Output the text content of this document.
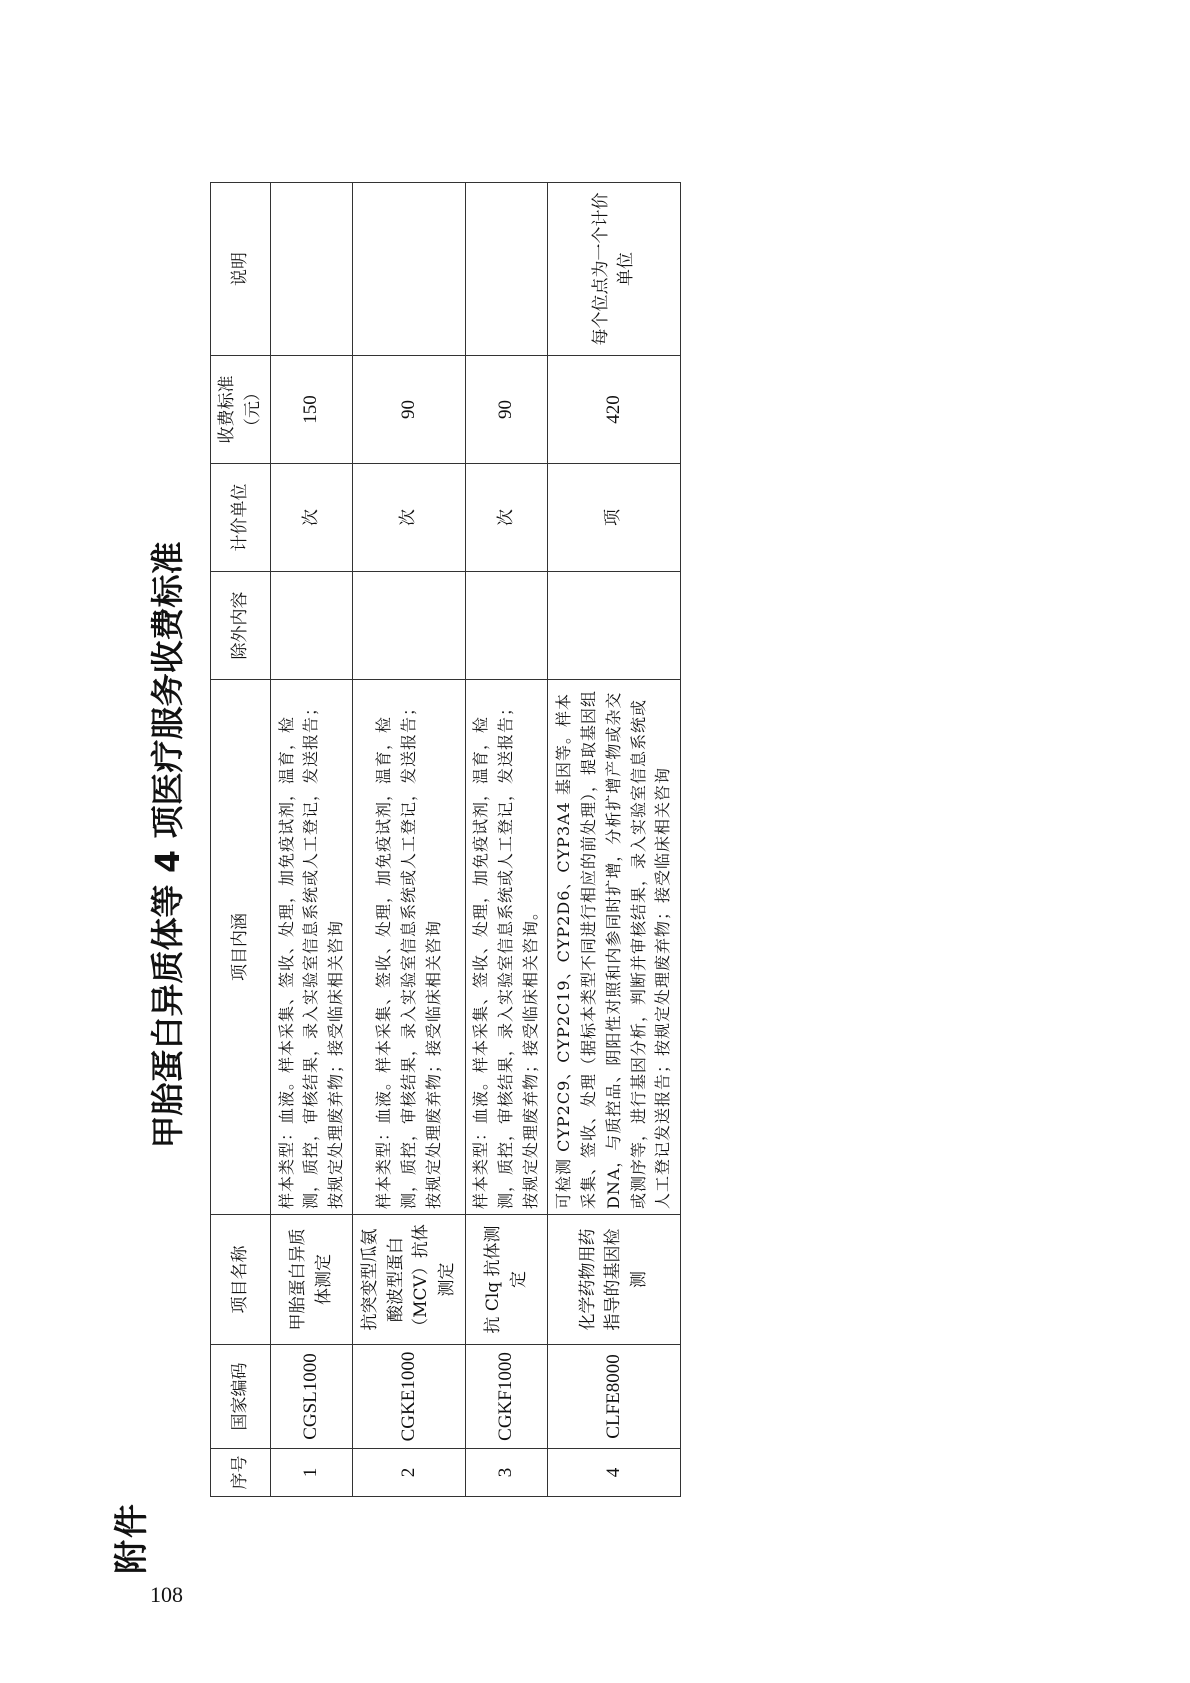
108
附件
甲胎蛋白异质体等 4 项医疗服务收费标准
序号	国家编码	项目名称	项目内涵	除外内容	计价单位	收费标准（元）	说明
1	CGSL1000	甲胎蛋白异质体测定	样本类型：血液。样本采集、签收、处理，加免疫试剂，温育，检测，质控，审核结果，录入实验室信息系统或人工登记，发送报告；按规定处理废弃物；接受临床相关咨询		次	150	
2	CGKE1000	抗突变型瓜氨酸波型蛋白（MCV）抗体测定	样本类型：血液。样本采集、签收、处理，加免疫试剂，温育，检测，质控，审核结果，录入实验室信息系统或人工登记，发送报告；按规定处理废弃物；接受临床相关咨询		次	90	
3	CGKF1000	抗 Clq 抗体测定	样本类型：血液。样本采集、签收、处理，加免疫试剂，温育，检测，质控，审核结果，录入实验室信息系统或人工登记，发送报告；按规定处理废弃物；接受临床相关咨询。		次	90	
4	CLFE8000	化学药物用药指导的基因检测	可检测 CYP2C9、CYP2C19、CYP2D6、CYP3A4 基因等。样本采集、签收、处理（据标本类型不同进行相应的前处理），提取基因组DNA，与质控品、阴阳性对照和内参同时扩增，分析扩增产物或杂交或测序等，进行基因分析，判断并审核结果，录入实验室信息系统或人工登记发送报告；按规定处理废弃物；接受临床相关咨询		项	420	每个位点为一个计价单位
